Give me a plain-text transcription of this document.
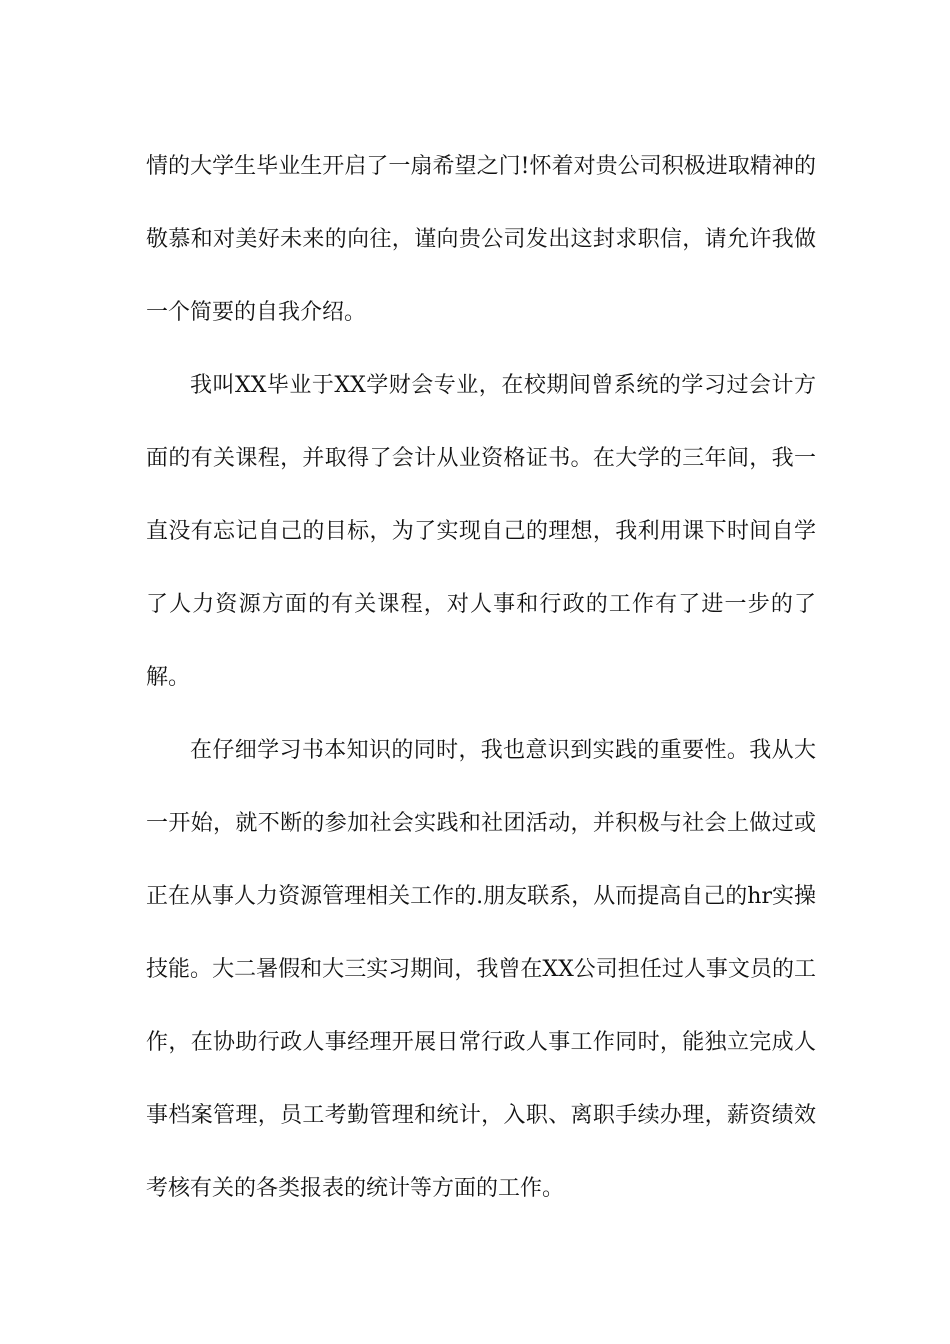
情的大学生毕业生开启了一扇希望之门!怀着对贵公司积极进取精神的敬慕和对美好未来的向往，谨向贵公司发出这封求职信，请允许我做一个简要的自我介绍。

我叫XX毕业于XX学财会专业，在校期间曾系统的学习过会计方面的有关课程，并取得了会计从业资格证书。在大学的三年间，我一直没有忘记自己的目标，为了实现自己的理想，我利用课下时间自学了人力资源方面的有关课程，对人事和行政的工作有了进一步的了解。

在仔细学习书本知识的同时，我也意识到实践的重要性。我从大一开始，就不断的参加社会实践和社团活动，并积极与社会上做过或正在从事人力资源管理相关工作的.朋友联系，从而提高自己的hr实操技能。大二暑假和大三实习期间，我曾在XX公司担任过人事文员的工作，在协助行政人事经理开展日常行政人事工作同时，能独立完成人事档案管理，员工考勤管理和统计，入职、离职手续办理，薪资绩效考核有关的各类报表的统计等方面的工作。
